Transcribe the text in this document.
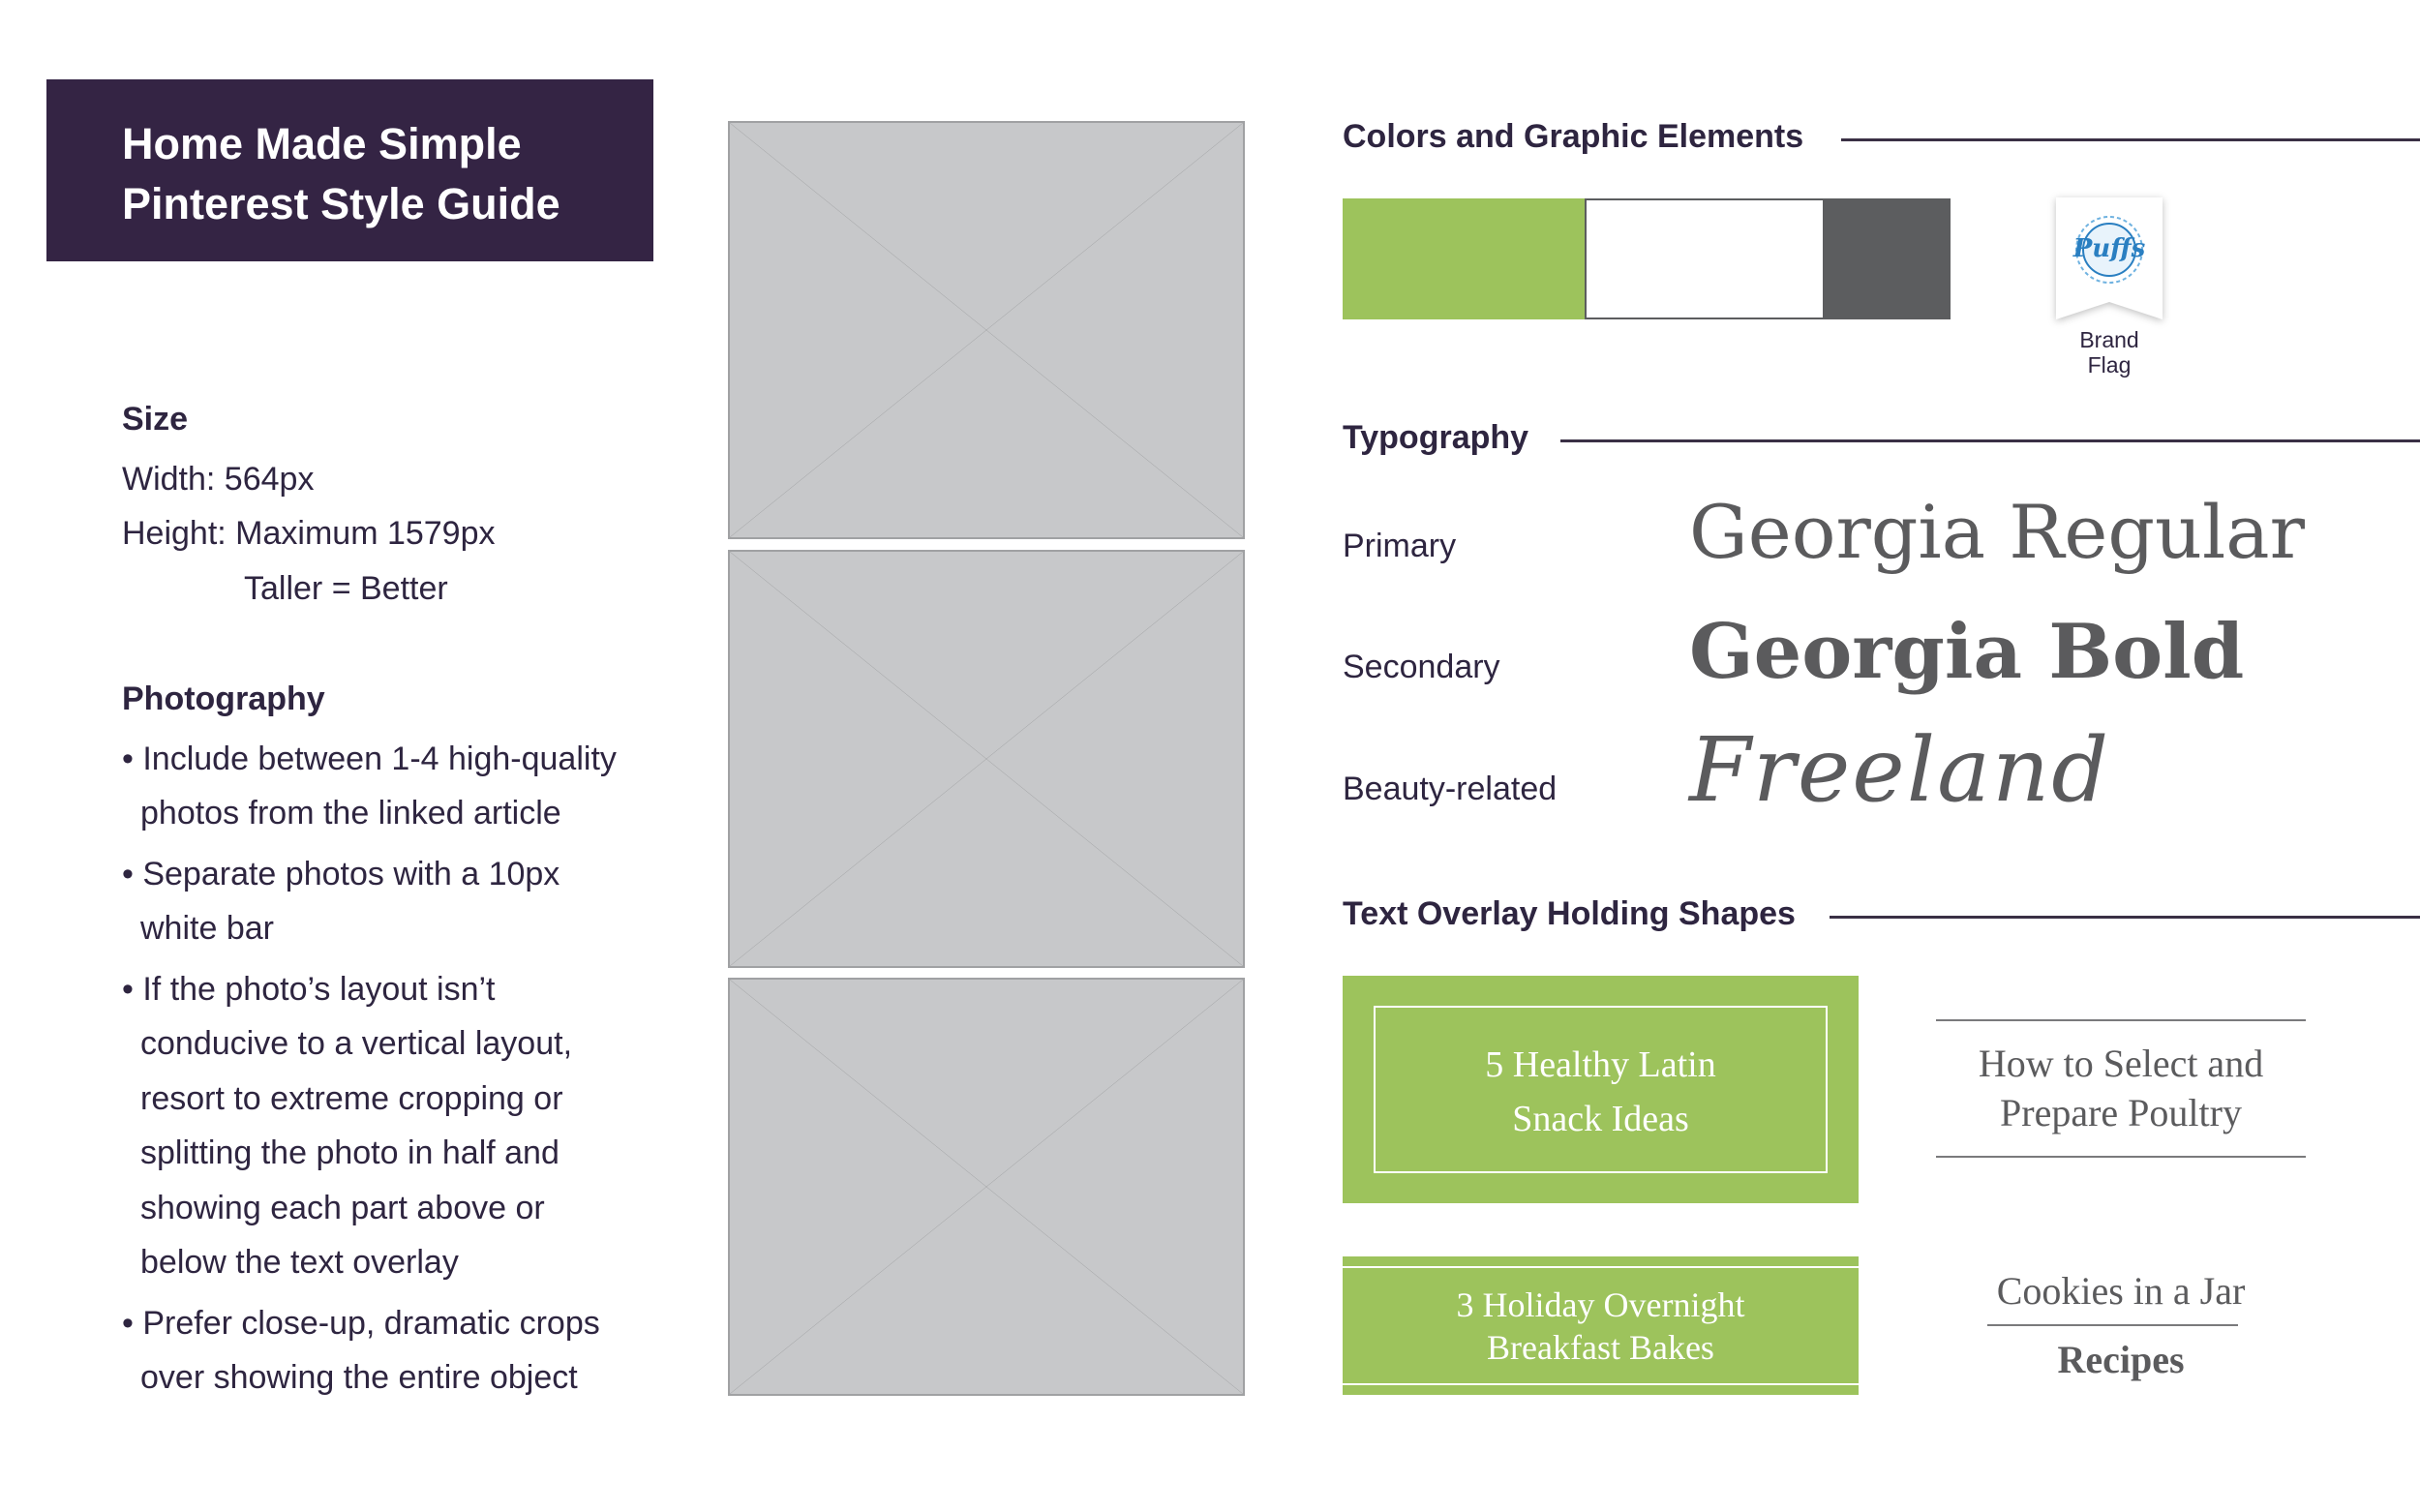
Home Made Simple
Pinterest Style Guide
Size
Width: 564px
Height: Maximum 1579px
Taller = Better
Photography
• Include between 1-4 high-quality
photos from the linked article
• Separate photos with a 10px
white bar
• If the photo’s layout isn’t
conducive to a vertical layout,
resort to extreme cropping or
splitting the photo in half and
showing each part above or
below the text overlay
• Prefer close-up, dramatic crops
over showing the entire object
Colors and Graphic Elements
Puffs
Brand
Flag
Typography
Primary	Georgia Regular
Secondary	Georgia Bold
Beauty-related Freeland
Text Overlay Holding Shapes
5 Healthy Latin
Snack Ideas
How to Select and
Prepare Poultry
3 Holiday Overnight
Breakfast Bakes
Cookies in a Jar
Recipes
